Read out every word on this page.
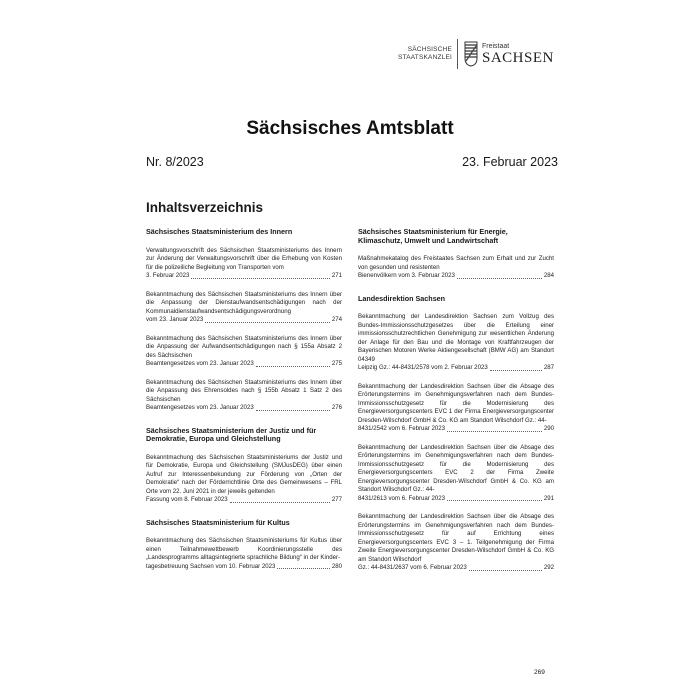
SÄCHSISCHE
STAATSKANZLEI
Freistaat
SACHSEN
Sächsisches Amtsblatt
Nr. 8/2023	23. Februar 2023
Inhaltsverzeichnis
Sächsisches Staatsministerium des Innern
Verwaltungsvorschrift des Sächsischen Staatsministeriums des Innern zur Änderung der Verwaltungsvorschrift über die Erhebung von Kosten für die polizeiliche Begleitung von Transporten vom
3. Februar 2023	271
Bekanntmachung des Sächsischen Staatsministeriums des Innern über die Anpassung der Dienstaufwandsentschädigungen nach der Kommunaldienstaufwandsentschädigungsverordnung
vom 23. Januar 2023	274
Bekanntmachung des Sächsischen Staatsministeriums des Innern über die Anpassung der Aufwandsentschädigungen nach § 155a Absatz 2 des Sächsischen
Beamtengesetzes vom 23. Januar 2023	275
Bekanntmachung des Sächsischen Staatsministeriums des Innern über die Anpassung des Ehrensoldes nach § 155b Absatz 1 Satz 2 des Sächsischen
Beamtengesetzes vom 23. Januar 2023	276
Sächsisches Staatsministerium der Justiz und für Demokratie, Europa und Gleichstellung
Bekanntmachung des Sächsischen Staatsministeriums der Justiz und für Demokratie, Europa und Gleichstellung (SMJusDEG) über einen Aufruf zur Interessenbekundung zur Förderung von „Orten der Demokratie“ nach der Förderrichtlinie Orte des Gemeinwesens – FRL Orte vom 22. Juni 2021 in der jeweils geltenden
Fassung vom 8. Februar 2023	277
Sächsisches Staatsministerium für Kultus
Bekanntmachung des Sächsischen Staatsministeriums für Kultus über einen Teilnahmewettbewerb Koordinierungsstelle des „Landesprogramms alltagsintegrierte sprachliche Bildung“ in der Kinder-
tagesbetreuung Sachsen vom 10. Februar 2023	280
Sächsisches Staatsministerium für Energie, Klimaschutz, Umwelt und Landwirtschaft
Maßnahmekatalog des Freistaates Sachsen zum Erhalt und zur Zucht von gesunden und resistenten
Bienenvölkern vom 3. Februar 2023	284
Landesdirektion Sachsen
Bekanntmachung der Landesdirektion Sachsen zum Vollzug des Bundes-Immissionsschutzgesetzes über die Erteilung einer immissionsschutzrechtlichen Genehmigung zur wesentlichen Änderung der Anlage für den Bau und die Montage von Kraftfahrzeugen der Bayerischen Motoren Werke Aktiengesellschaft (BMW AG) am Standort 04349
Leipzig Gz.: 44-8431/2578 vom 2. Februar 2023	287
Bekanntmachung der Landesdirektion Sachsen über die Absage des Erörterungstermins im Genehmigungsverfahren nach dem Bundes-Immissionsschutzgesetz für die Modernisierung des Energieversorgungscenters EVC 1 der Firma Energieversorgungscenter Dresden-Wilschdorf GmbH & Co. KG am Standort Wilschdorf Gz.: 44-
8431/2542 vom 6. Februar 2023	290
Bekanntmachung der Landesdirektion Sachsen über die Absage des Erörterungstermins im Genehmigungsverfahren nach dem Bundes-Immissionsschutzgesetz für die Modernisierung des Energieversorgungscenters EVC 2 der Firma Zweite Energieversorgungscenter Dresden-Wilschdorf GmbH & Co. KG am Standort Wilschdorf Gz.: 44-
8431/2613 vom 6. Februar 2023	291
Bekanntmachung der Landesdirektion Sachsen über die Absage des Erörterungstermins im Genehmigungsverfahren nach dem Bundes-Immissionsschutzgesetz für auf Errichtung eines Energieversorgungscenters EVC 3 – 1. Teilgenehmigung der Firma Zweite Energieversorgungscenter Dresden-Wilschdorf GmbH & Co. KG am Standort Wilschdorf
Gz.: 44-8431/2637 vom 6. Februar 2023	292
269
